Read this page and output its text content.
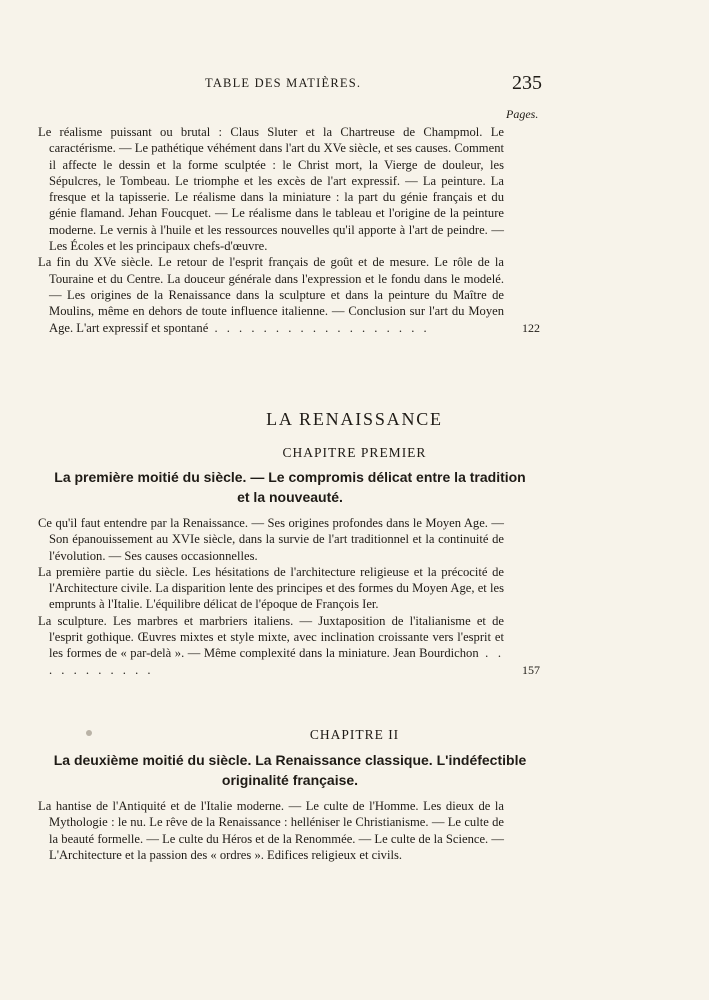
TABLE DES MATIÈRES.	235
Pages.

Le réalisme puissant ou brutal : Claus Sluter et la Chartreuse de Champmol. Le caractérisme. — Le pathétique véhément dans l'art du XVe siècle, et ses causes. Comment il affecte le dessin et la forme sculptée : le Christ mort, la Vierge de douleur, les Sépulcres, le Tombeau. Le triomphe et les excès de l'art expressif. — La peinture. La fresque et la tapisserie. Le réalisme dans la miniature : la part du génie français et du génie flamand. Jehan Foucquet. — Le réalisme dans le tableau et l'origine de la peinture moderne. Le vernis à l'huile et les ressources nouvelles qu'il apporte à l'art de peindre. — Les Écoles et les principaux chefs-d'œuvre.

La fin du XVe siècle. Le retour de l'esprit français de goût et de mesure. Le rôle de la Touraine et du Centre. La douceur générale dans l'expression et le fondu dans le modelé. — Les origines de la Renaissance dans la sculpture et dans la peinture du Maître de Moulins, même en dehors de toute influence italienne. — Conclusion sur l'art du Moyen Age. L'art expressif et spontané . . . . . . . . . . . . . . . . . .	122

LA RENAISSANCE
CHAPITRE PREMIER
La première moitié du siècle. — Le compromis délicat entre la tradition et la nouveauté.

Ce qu'il faut entendre par la Renaissance. — Ses origines profondes dans le Moyen Age. — Son épanouissement au XVIe siècle, dans la survie de l'art traditionnel et la continuité de l'évolution. — Ses causes occasionnelles.

La première partie du siècle. Les hésitations de l'architecture religieuse et la précocité de l'Architecture civile. La disparition lente des principes et des formes du Moyen Age, et les emprunts à l'Italie. L'équilibre délicat de l'époque de François Ier.

La sculpture. Les marbres et marbriers italiens. — Juxtaposition de l'italianisme et de l'esprit gothique. Œuvres mixtes et style mixte, avec inclination croissante vers l'esprit et les formes de « par-delà ». — Même complexité dans la miniature. Jean Bourdichon . . . . . . . . . . .	157

CHAPITRE II
La deuxième moitié du siècle. La Renaissance classique. L'indéfectible originalité française.

La hantise de l'Antiquité et de l'Italie moderne. — Le culte de l'Homme. Les dieux de la Mythologie : le nu. Le rêve de la Renaissance : helléniser le Christianisme. — Le culte de la beauté formelle. — Le culte du Héros et de la Renommée. — Le culte de la Science. — L'Architecture et la passion des « ordres ». Edifices religieux et civils.
